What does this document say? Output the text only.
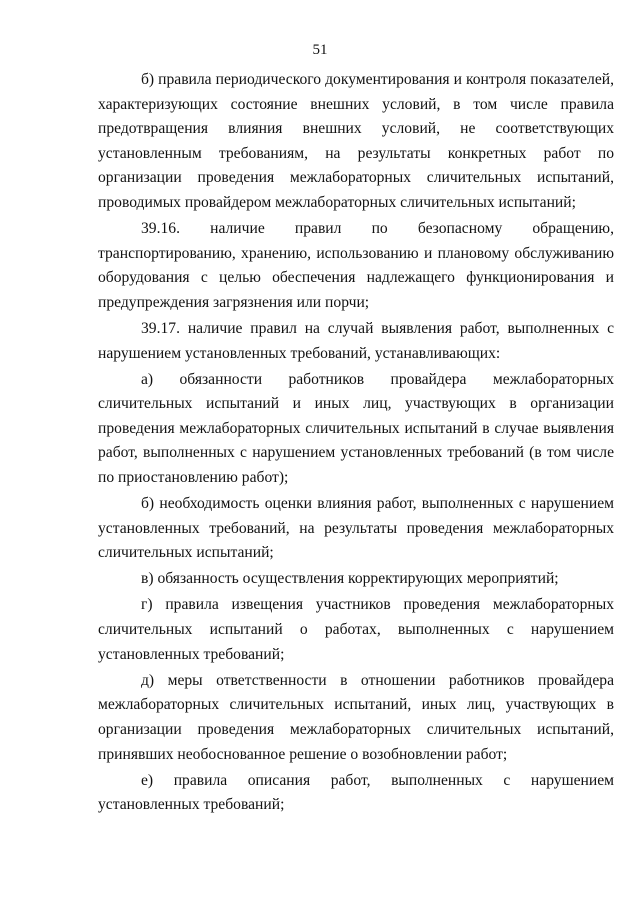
51

б) правила периодического документирования и контроля показателей, характеризующих состояние внешних условий, в том числе правила предотвращения влияния внешних условий, не соответствующих установленным требованиям, на результаты конкретных работ по организации проведения межлабораторных сличительных испытаний, проводимых провайдером межлабораторных сличительных испытаний;

39.16. наличие правил по безопасному обращению, транспортированию, хранению, использованию и плановому обслуживанию оборудования с целью обеспечения надлежащего функционирования и предупреждения загрязнения или порчи;

39.17. наличие правил на случай выявления работ, выполненных с нарушением установленных требований, устанавливающих:

а) обязанности работников провайдера межлабораторных сличительных испытаний и иных лиц, участвующих в организации проведения межлабораторных сличительных испытаний в случае выявления работ, выполненных с нарушением установленных требований (в том числе по приостановлению работ);

б) необходимость оценки влияния работ, выполненных с нарушением установленных требований, на результаты проведения межлабораторных сличительных испытаний;

в) обязанность осуществления корректирующих мероприятий;

г) правила извещения участников проведения межлабораторных сличительных испытаний о работах, выполненных с нарушением установленных требований;

д) меры ответственности в отношении работников провайдера межлабораторных сличительных испытаний, иных лиц, участвующих в организации проведения межлабораторных сличительных испытаний, принявших необоснованное решение о возобновлении работ;

е) правила описания работ, выполненных с нарушением установленных требований;
